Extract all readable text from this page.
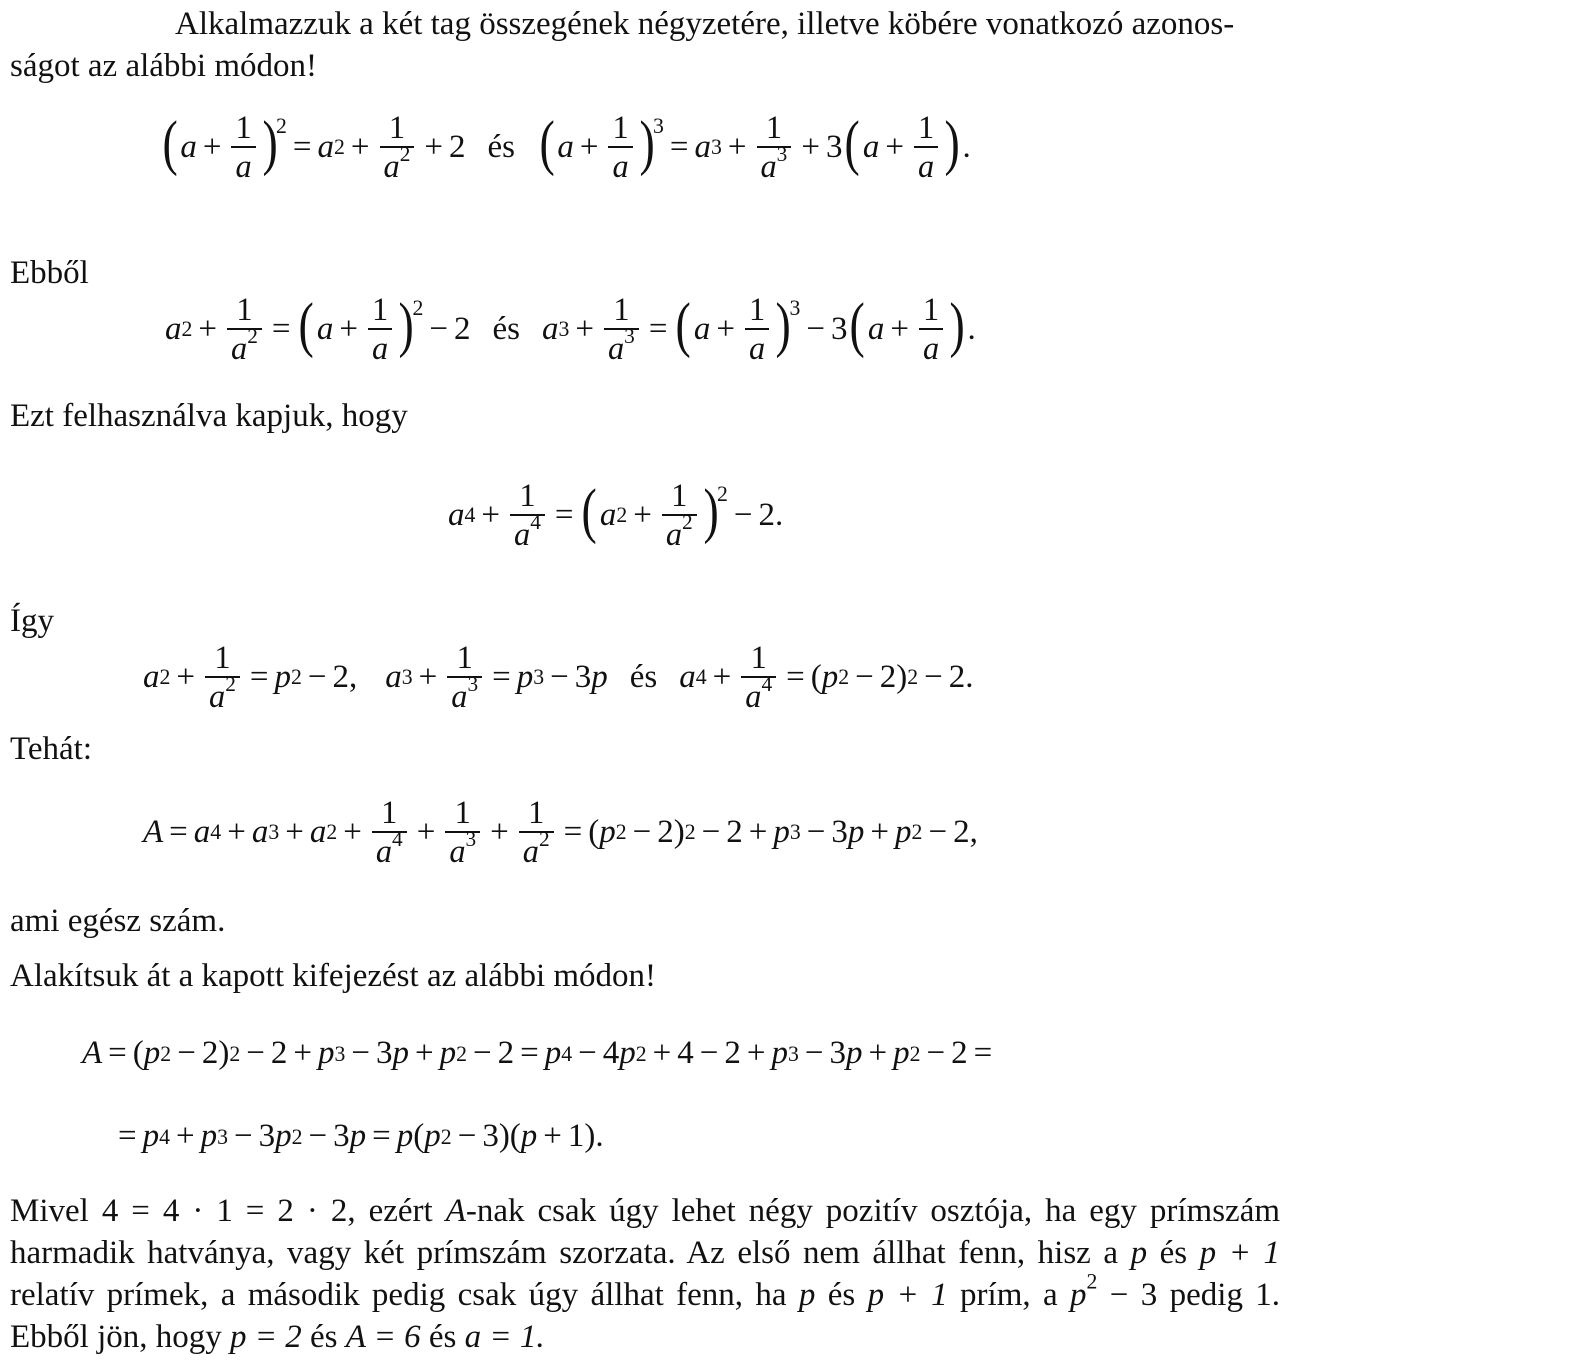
Alkalmazzuk a két tag összegének négyzetére, illetve köbére vonatkozó azonos-
ságot az alábbi módon!

( $a + \frac{1}{a}$ )
2
= a $2 + \frac{1}{a^2} + 2$ és ( $a + \frac{1}{a}$ )
3
= a $3 + \frac{1}{a^3} + 3$ ( $a + \frac{1}{a}$ ) .

Ebből

a $2 + \frac{1}{a^2}$ = ( $a + \frac{1}{a}$ )
2
− 2 és a $3 + \frac{1}{a^3}$ = ( $a + \frac{1}{a}$ )
3
− 3 ( $a + \frac{1}{a}$ ) .

Ezt felhasználva kapjuk, hogy

a $4 + \frac{1}{a^4}$ = ( a $2 + \frac{1}{a^2}$ )
2
− 2.

Így

a $2 + \frac{1}{a^2} = p$ 2 − 2, a $3 + \frac{1}{a^3} = p$ 3 − 3 p és a $4 + \frac{1}{a^4}$ = ( p 2 − 2) 2 − 2.

Tehát:

A = a 4 + a 3 + a $2 + \frac{1}{a^4} + \frac{1}{a^3} + \frac{1}{a^2}$ = ( p 2 − 2) 2 − 2 + p 3 − 3 p + p 2 − 2,

ami egész szám.

Alakítsuk át a kapott kifejezést az alábbi módon!

A = ( p 2 − 2) 2 − 2 + p 3 − 3 p + p 2 − 2 = p 4 − 4 p 2 + 4 − 2 + p 3 − 3 p + p 2 − 2 =
= p 4 + p 3 − 3 p 2 − 3 p = p ( p 2 − 3)( p + 1).
Mivel 4 = 4 · 1 = 2 · 2, ezért A-nak csak úgy lehet négy pozitív osztója, ha egy prímszám
harmadik hatványa, vagy két prímszám szorzata. Az első nem állhat fenn, hisz a p és p + 1
relatív prímek, a második pedig csak úgy állhat fenn, ha p és p + 1 prím, a $p^2 - 3$ pedig 1.
Ebből jön, hogy p = 2 és A = 6 és a = 1.
